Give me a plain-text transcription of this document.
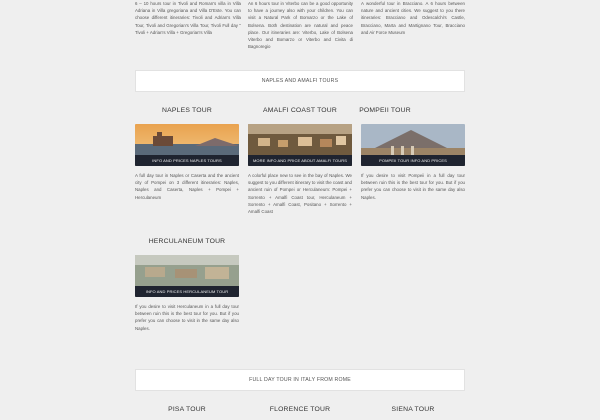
6 – 10 hours tour in Tivoli and Roman's villa in Villa Adriana in Villa gregoriana and Villa D'Este. You can choose different itineraries: Tivoli and Adrian's Villa Tour, Tivoli and Gregorian's Villa Tour, Tivoli Full day " Tivoli + Adrian's Villa + Gregorian's Villa

An 6 hours tour in Viterbo can be a good opportunity to have a journey also with your children. You can visit a Natural Park of Bomarzo or the Lake of Bolsena. Both destination are natural and peace place. Our itineraries are: Viterbo, Lake of Bolsena Viterbo and Bomarzo or Viterbo and Civita di Bagnoregio

A wonderful tour in Bracciano. A 6 hours between nature and ancient cities. We suggest to you there itineraries: Bracciano and Odescalchi's Castle, Bracciano, Marta and Martignano Tour, Bracciano and Air Force Museum

NAPLES AND AMALFI TOURS
NAPLES TOUR	AMALFI COAST TOUR	POMPEII TOUR
INFO AND PRICES NAPLES TOURS	MORE INFO AND PRICE ABOUT AMALFI TOURS	POMPEII TOUR INFO AND PRICES

A full day tour in Naples or Caserta and the ancient city of Pompei on 3 different itineraries: Naples, Naples and Caserta, Naples + Pompei + Herculaneum

A colorful place new to see in the bay of Naples. We suggest to you different itinerary to visit the coast and ancient ruin of Pompei or Herculaneum: Pompei + Sorrento + Amalfi Coast tour, Herculaneum + Sorrento + Amalfi Coast, Positano + Sorrento + Amalfi Coast

If you desire to visit Pompeii in a full day tour between ruin this is the best tour for you. But if you prefer you can choose to visit in the same day also Naples.

HERCULANEUM TOUR
INFO AND PRICES HERCULANEUM TOUR

If you desire to visit Herculaneum in a full day tour between ruin this is the best tour for you. But if you prefer you can choose to visit in the same day also Naples.

FULL DAY TOUR IN ITALY FROM ROME
PISA TOUR	FLORENCE TOUR	SIENA TOUR
